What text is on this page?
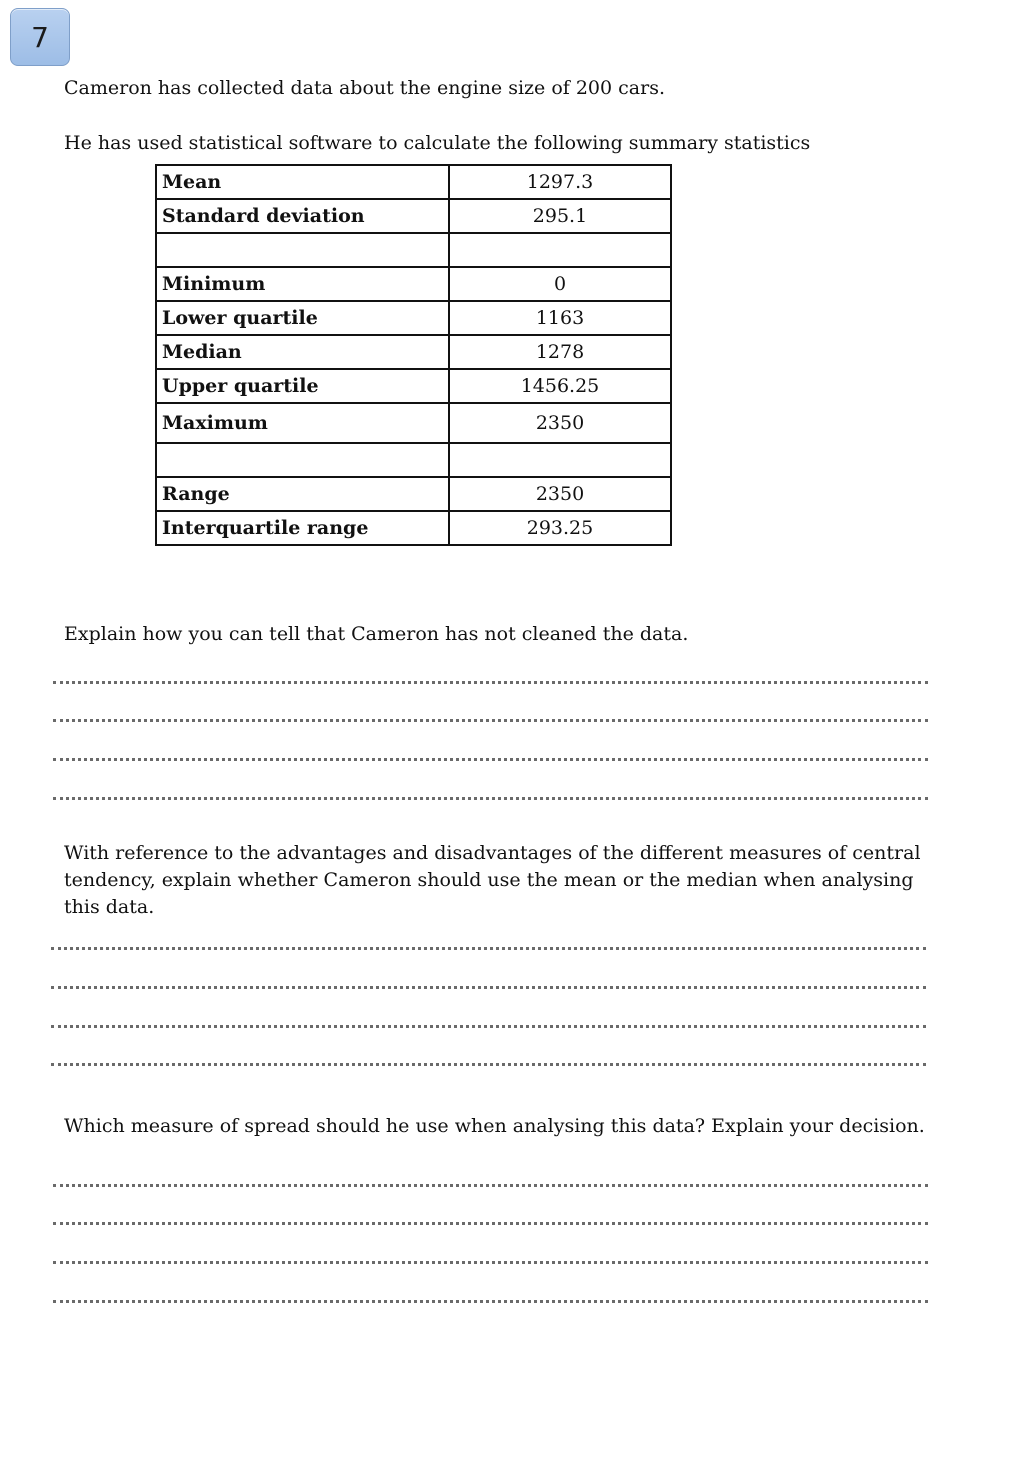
7

Cameron has collected data about the engine size of 200 cars.

He has used statistical software to calculate the following summary statistics

Mean	1297.3
Standard deviation	295.1

Minimum	0
Lower quartile	1163
Median	1278
Upper quartile	1456.25
Maximum	2350

Range	2350
Interquartile range	293.25

Explain how you can tell that Cameron has not cleaned the data.

With reference to the advantages and disadvantages of the different measures of central tendency, explain whether Cameron should use the mean or the median when analysing this data.

Which measure of spread should he use when analysing this data? Explain your decision.
